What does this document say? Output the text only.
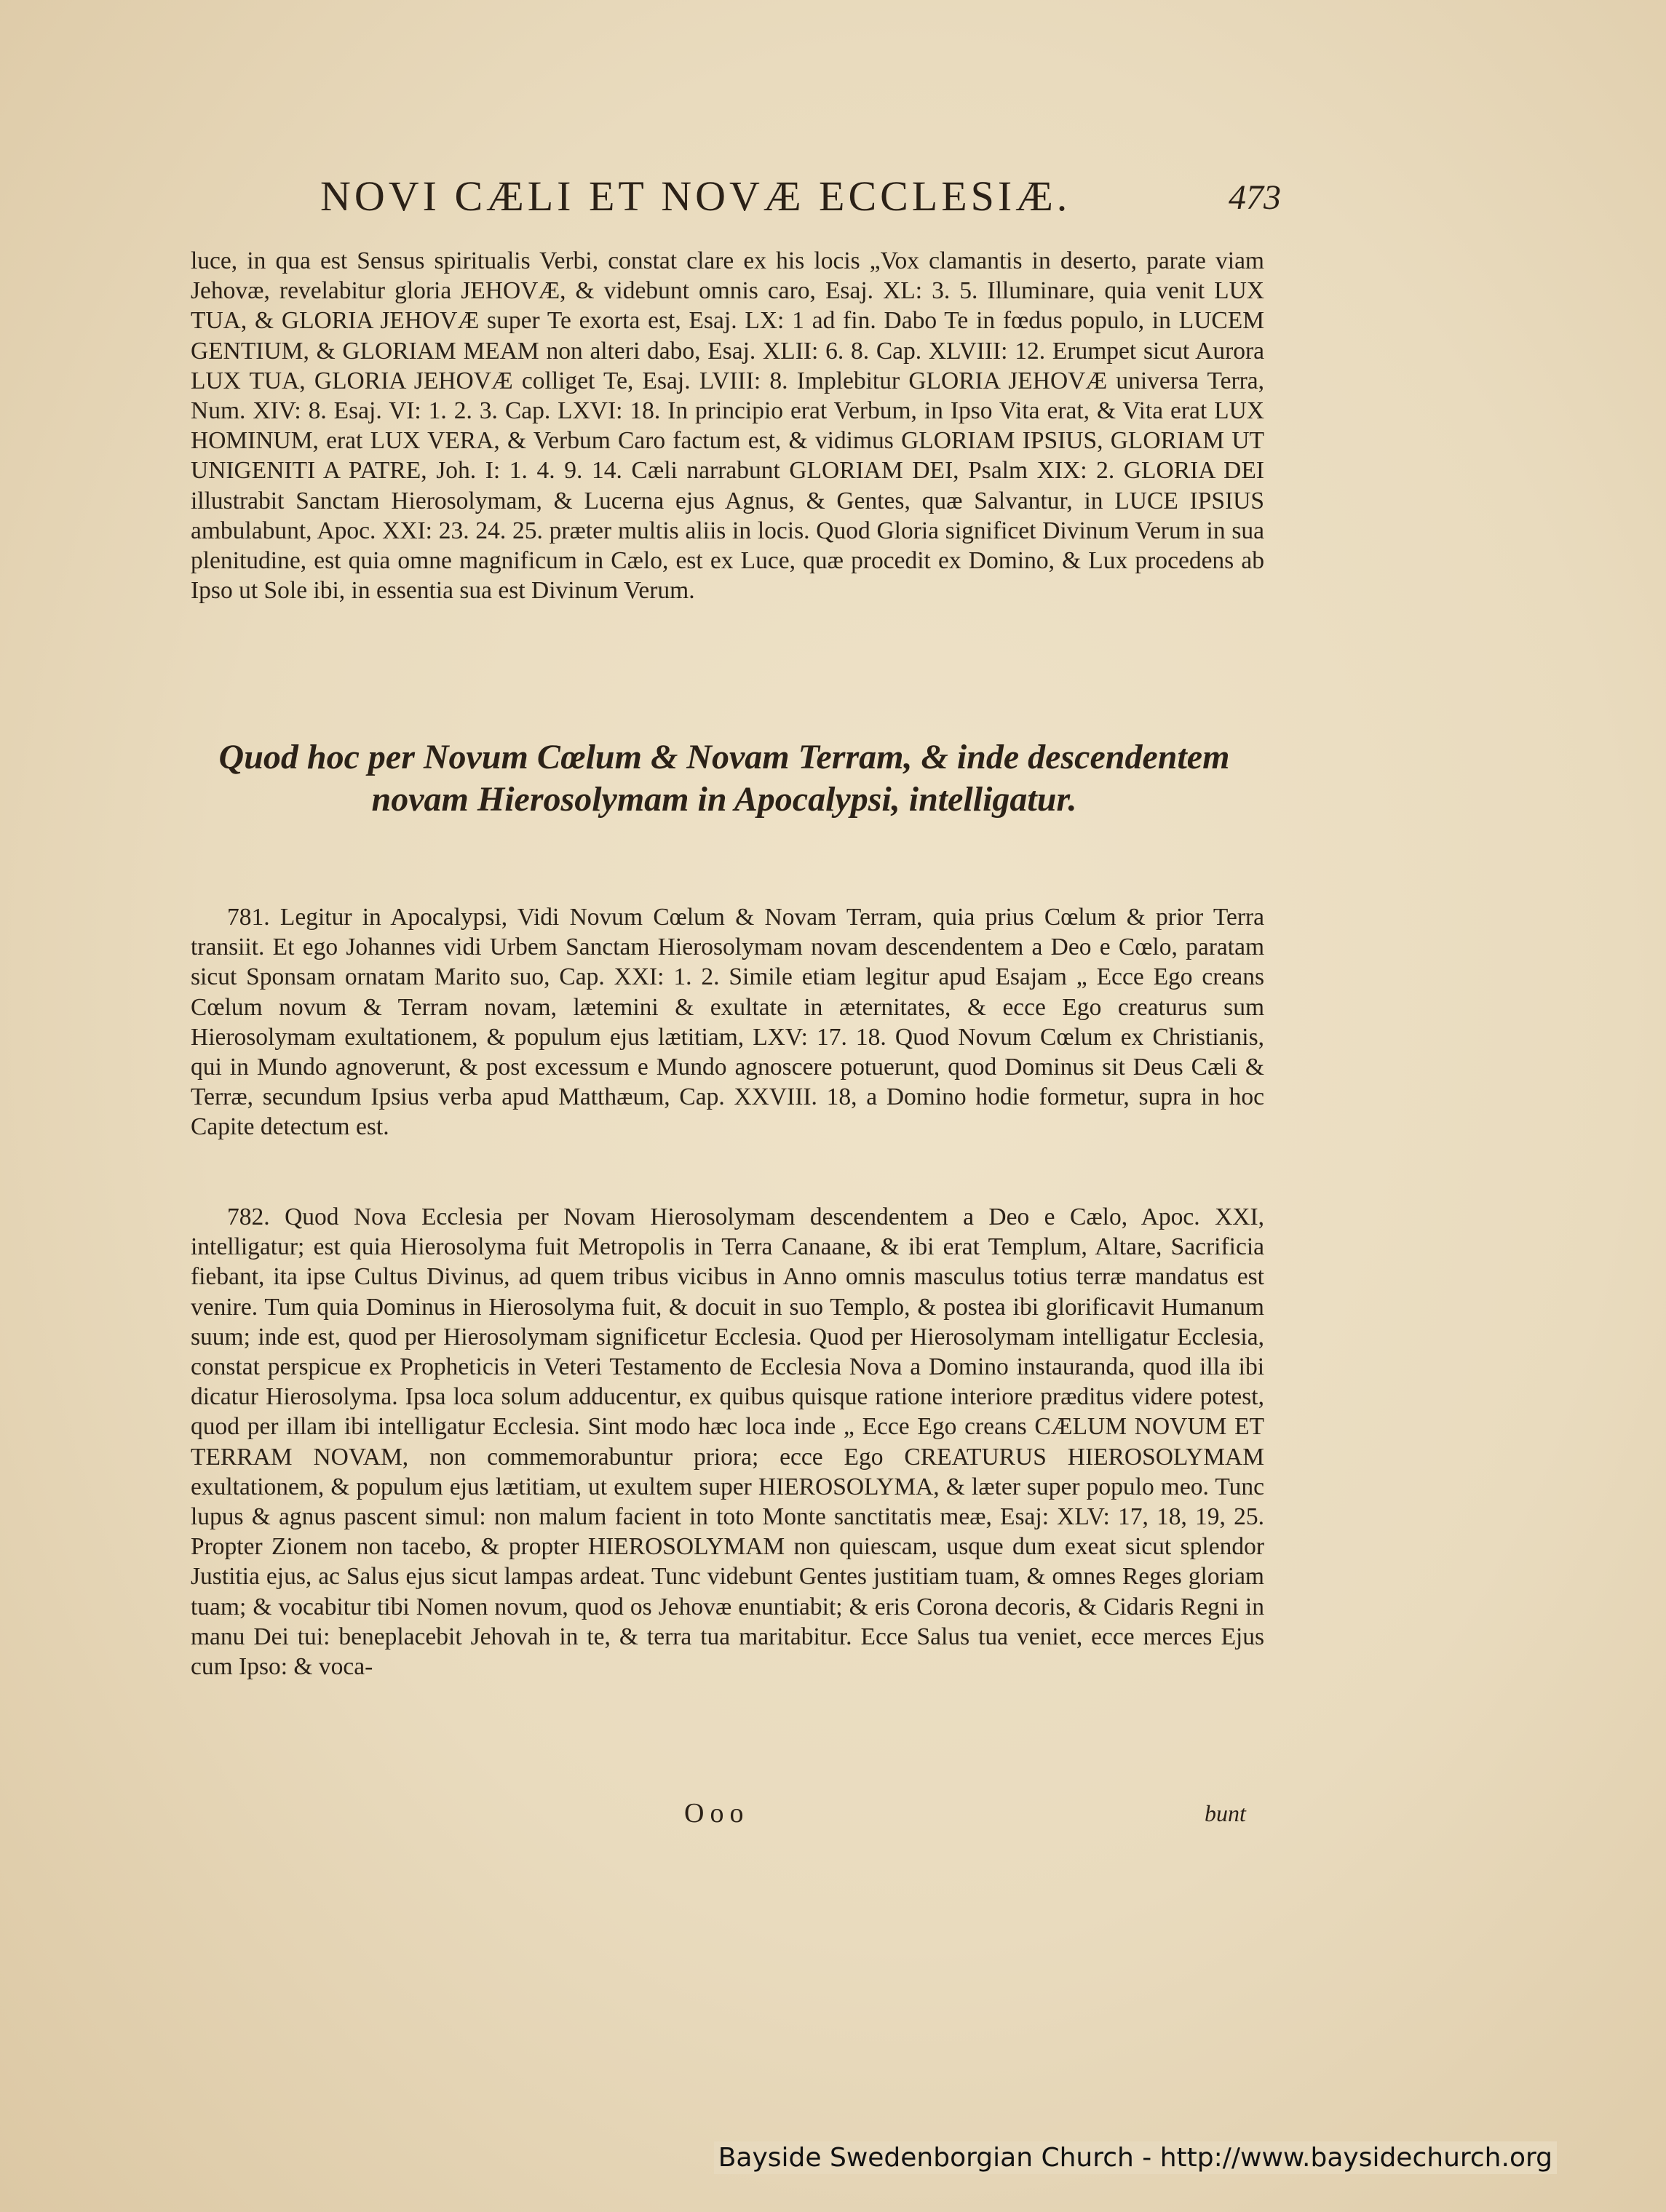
NOVI CÆLI ET NOVÆ ECCLESIÆ.	473

luce, in qua est Sensus spiritualis Verbi, constat clare ex his locis „Vox clamantis in deserto, parate viam Jehovæ, revelabitur gloria JEHOVÆ, & videbunt omnis caro, Esaj. XL: 3. 5. Illuminare, quia venit LUX TUA, & GLORIA JEHOVÆ super Te exorta est, Esaj. LX: 1 ad fin. Dabo Te in fœdus populo, in LUCEM GENTIUM, & GLORIAM MEAM non alteri dabo, Esaj. XLII: 6. 8. Cap. XLVIII: 12. Erumpet sicut Aurora LUX TUA, GLORIA JEHOVÆ colliget Te, Esaj. LVIII: 8. Implebitur GLORIA JEHOVÆ universa Terra, Num. XIV: 8. Esaj. VI: 1. 2. 3. Cap. LXVI: 18. In principio erat Verbum, in Ipso Vita erat, & Vita erat LUX HOMINUM, erat LUX VERA, & Verbum Caro factum est, & vidimus GLORIAM IPSIUS, GLORIAM UT UNIGENITI A PATRE, Joh. I: 1. 4. 9. 14. Cæli narrabunt GLORIAM DEI, Psalm XIX: 2. GLORIA DEI illustrabit Sanctam Hierosolymam, & Lucerna ejus Agnus, & Gentes, quæ Salvantur, in LUCE IPSIUS ambulabunt, Apoc. XXI: 23. 24. 25. præter multis aliis in locis. Quod Gloria significet Divinum Verum in sua plenitudine, est quia omne magnificum in Cælo, est ex Luce, quæ procedit ex Domino, & Lux procedens ab Ipso ut Sole ibi, in essentia sua est Divinum Verum.

Quod hoc per Novum Cœlum & Novam Terram, & inde descendentem novam Hierosolymam in Apocalypsi, intelligatur.

781. Legitur in Apocalypsi, Vidi Novum Cœlum & Novam Terram, quia prius Cœlum & prior Terra transiit. Et ego Johannes vidi Urbem Sanctam Hierosolymam novam descendentem a Deo e Cœlo, paratam sicut Sponsam ornatam Marito suo, Cap. XXI: 1. 2. Simile etiam legitur apud Esajam „ Ecce Ego creans Cœlum novum & Terram novam, lætemini & exultate in æternitates, & ecce Ego creaturus sum Hierosolymam exultationem, & populum ejus lætitiam, LXV: 17. 18. Quod Novum Cœlum ex Christianis, qui in Mundo agnoverunt, & post excessum e Mundo agnoscere potuerunt, quod Dominus sit Deus Cæli & Terræ, secundum Ipsius verba apud Matthæum, Cap. XXVIII. 18, a Domino hodie formetur, supra in hoc Capite detectum est.

782. Quod Nova Ecclesia per Novam Hierosolymam descendentem a Deo e Cælo, Apoc. XXI, intelligatur; est quia Hierosolyma fuit Metropolis in Terra Canaane, & ibi erat Templum, Altare, Sacrificia fiebant, ita ipse Cultus Divinus, ad quem tribus vicibus in Anno omnis masculus totius terræ mandatus est venire. Tum quia Dominus in Hierosolyma fuit, & docuit in suo Templo, & postea ibi glorificavit Humanum suum; inde est, quod per Hierosolymam significetur Ecclesia. Quod per Hierosolymam intelligatur Ecclesia, constat perspicue ex Propheticis in Veteri Testamento de Ecclesia Nova a Domino instauranda, quod illa ibi dicatur Hierosolyma. Ipsa loca solum adducentur, ex quibus quisque ratione interiore præditus videre potest, quod per illam ibi intelligatur Ecclesia. Sint modo hæc loca inde „ Ecce Ego creans CÆLUM NOVUM ET TERRAM NOVAM, non commemorabuntur priora; ecce Ego CREATURUS HIEROSOLYMAM exultationem, & populum ejus lætitiam, ut exultem super HIEROSOLYMA, & læter super populo meo. Tunc lupus & agnus pascent simul: non malum facient in toto Monte sanctitatis meæ, Esaj: XLV: 17, 18, 19, 25. Propter Zionem non tacebo, & propter HIEROSOLYMAM non quiescam, usque dum exeat sicut splendor Justitia ejus, ac Salus ejus sicut lampas ardeat. Tunc videbunt Gentes justitiam tuam, & omnes Reges gloriam tuam; & vocabitur tibi Nomen novum, quod os Jehovæ enuntiabit; & eris Corona decoris, & Cidaris Regni in manu Dei tui: beneplacebit Jehovah in te, & terra tua maritabitur. Ecce Salus tua veniet, ecce merces Ejus cum Ipso: & voca-

Ooo	bunt
Bayside Swedenborgian Church - http://www.baysidechurch.org
